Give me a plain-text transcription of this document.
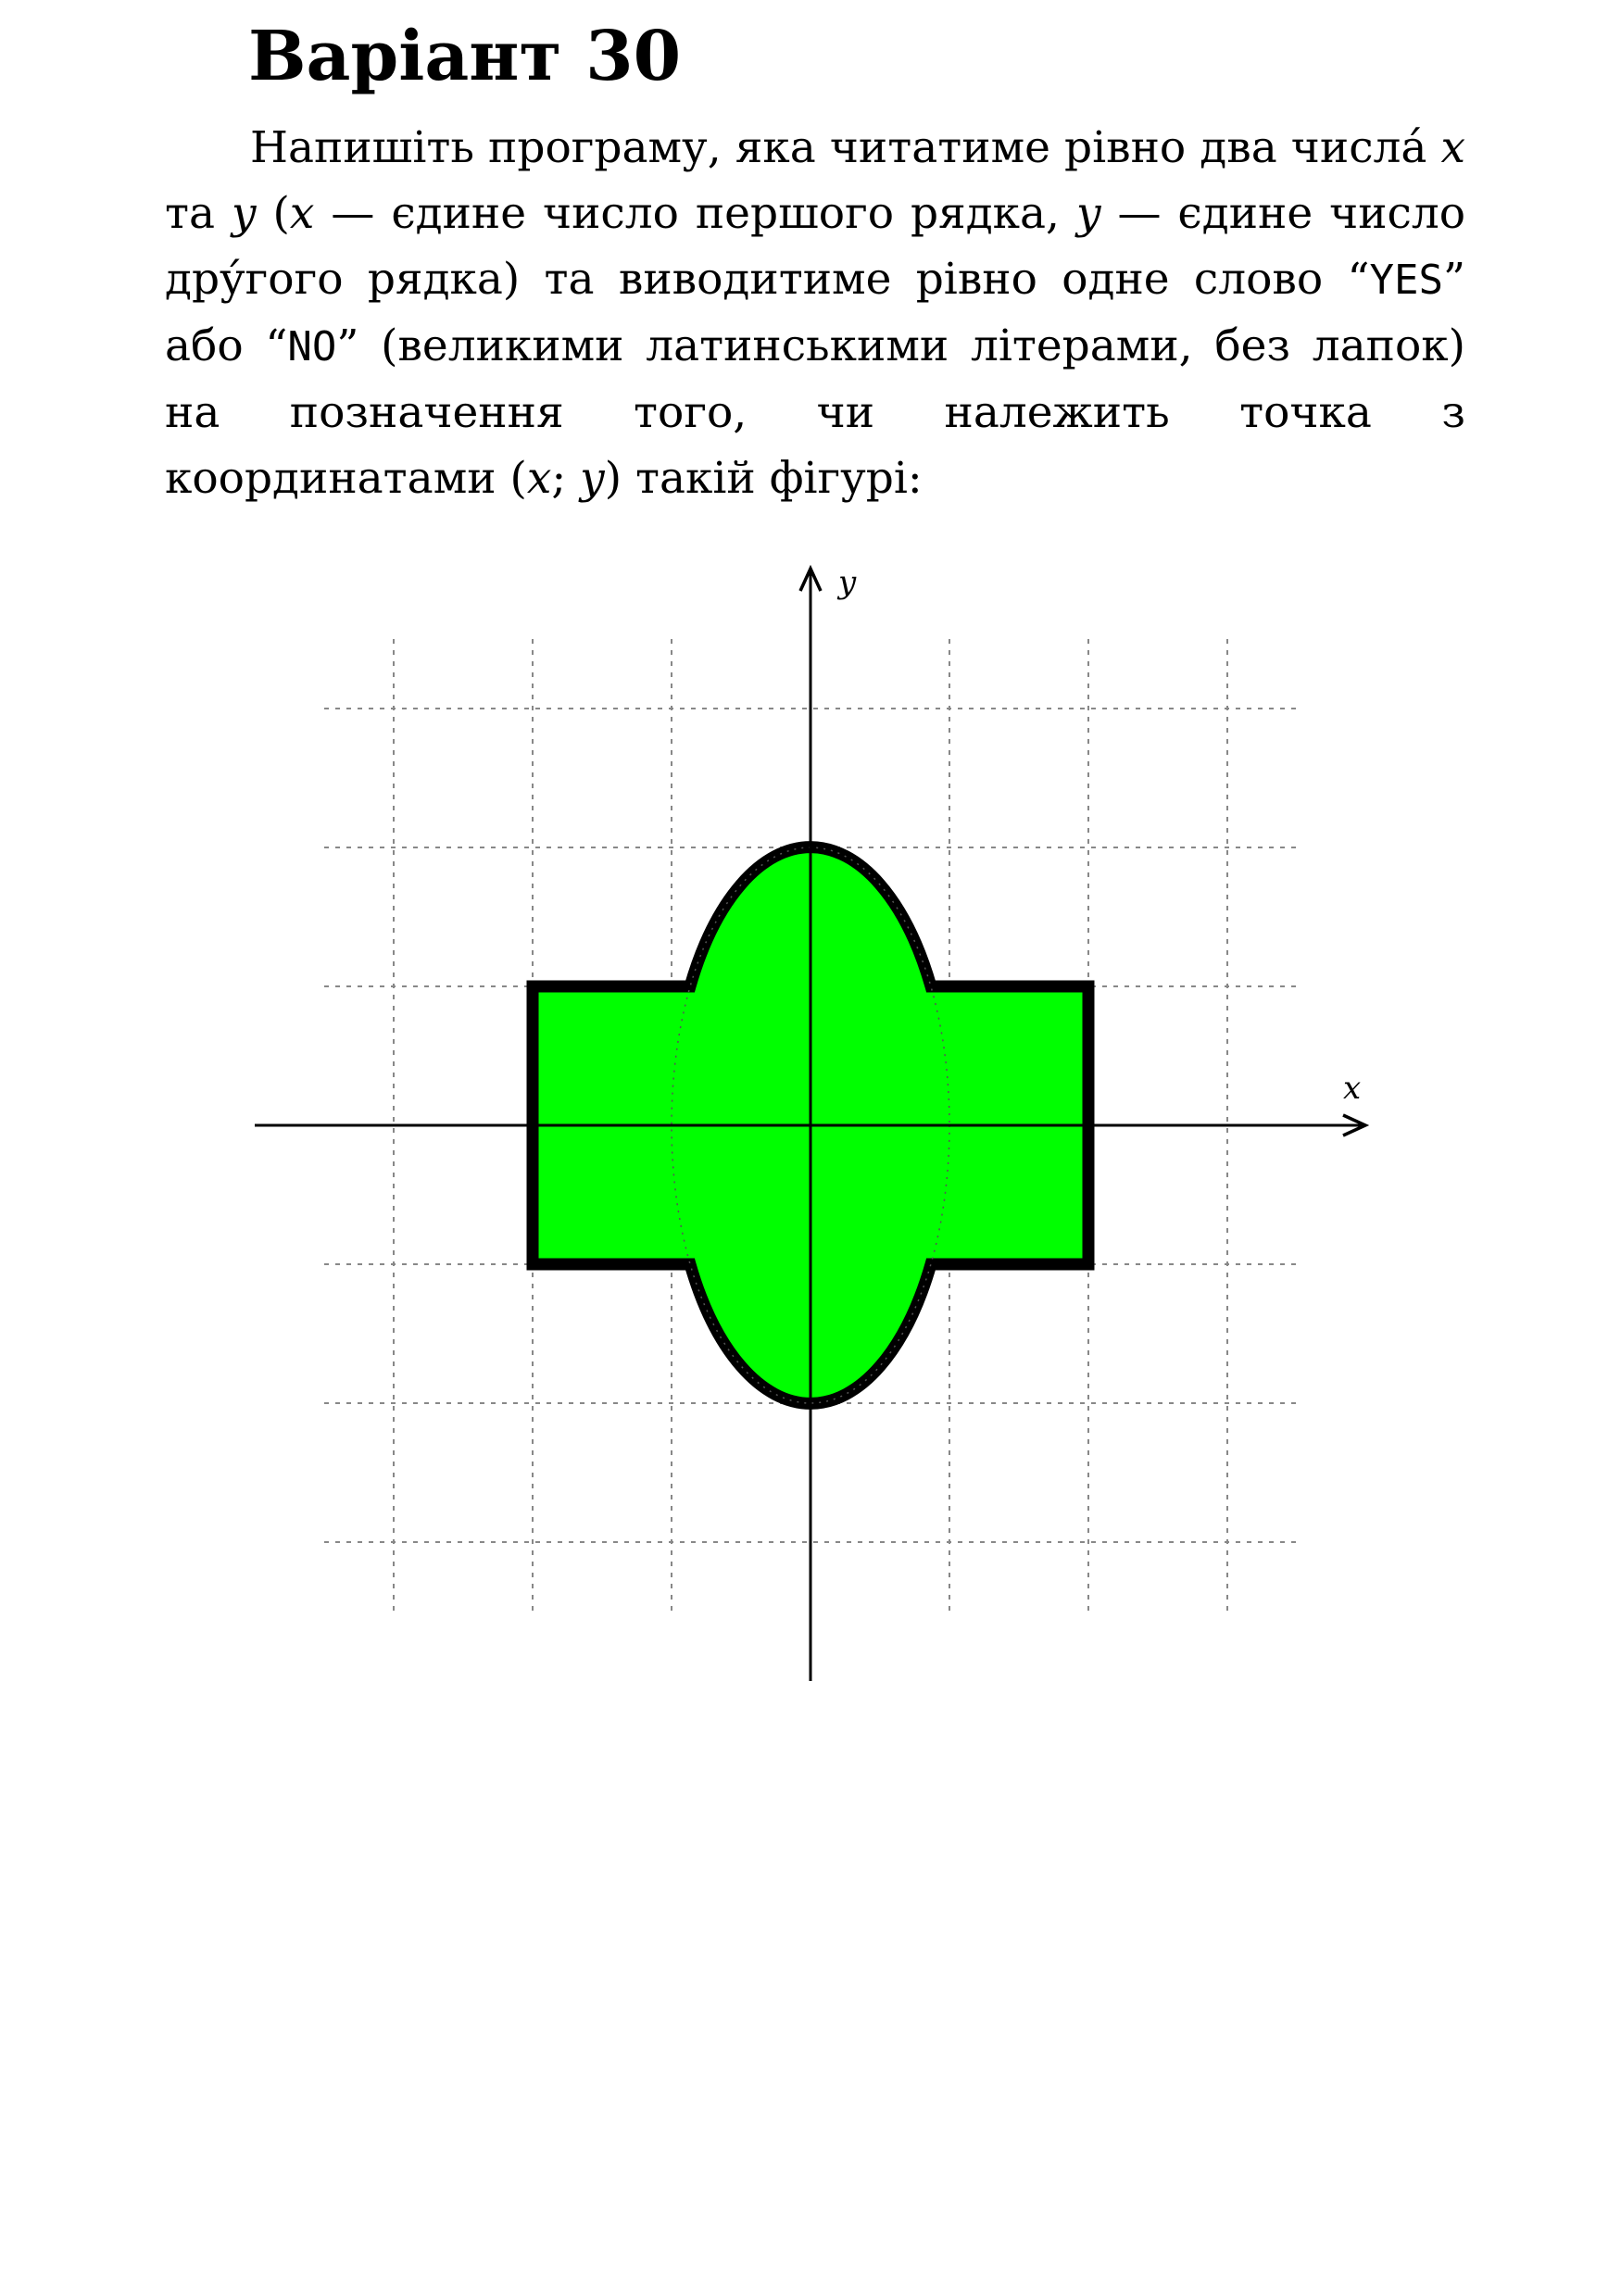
Варіант 30

Напишіть програму, яка читатиме рівно два числá x та y (x — єдине число першого рядка, y — єдине число дру́гого рядка) та виводитиме рівно одне слово “YES” або “NO” (великими латинськими літерами, без лапок) на позначення того, чи належить точка з координатами (x; y) такій фігурі:

x
y
